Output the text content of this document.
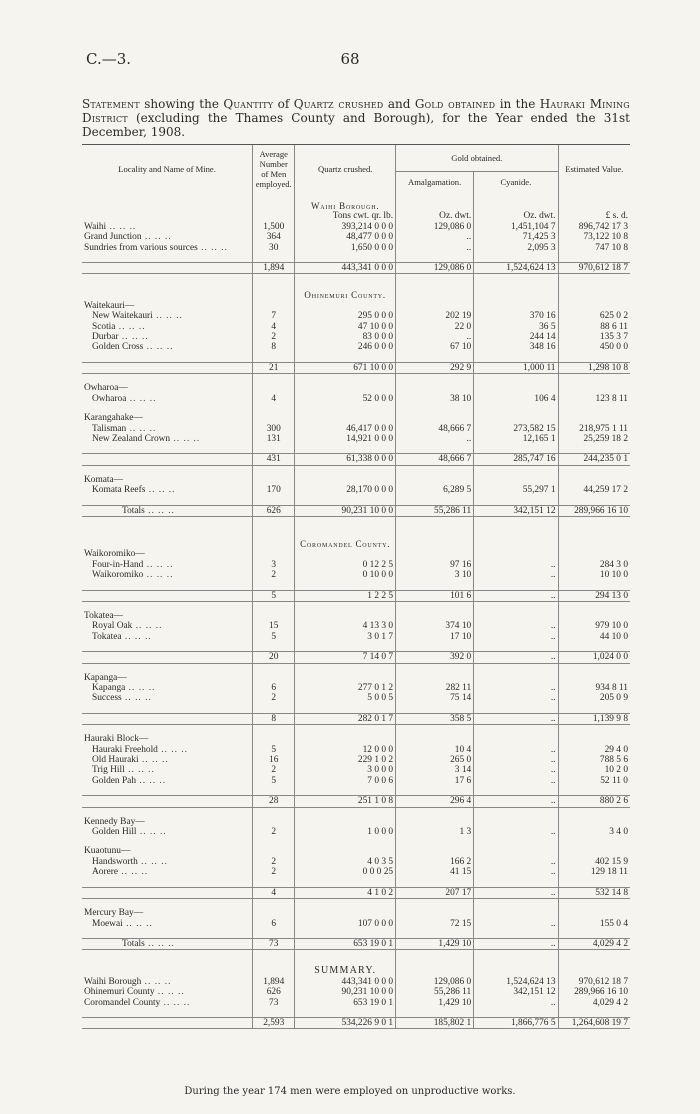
C.—3.	68
Statement showing the Quantity of Quartz crushed and Gold obtained in the Hauraki Mining District (excluding the Thames County and Borough), for the Year ended the 31st December, 1908.
Locality and Name of Mine.	Average Number of Men employed.	Quartz crushed.	Gold obtained.		Estimated Value.
			Amalgamation.	Cyanide.	

		Waihi Borough.			
		Tons cwt. qr. lb.	Oz. dwt.	Oz. dwt.	£ s. d.
Waihi ..	1,500	393,214 0 0 0	129,086 0	1,451,104 7	896,742 17 3
Grand Junction ..	364	48,477 0 0 0	..	71,425 3	73,122 10 8
Sundries from various sources ..	30	1,650 0 0 0	..	2,095 3	747 10 8

	1,894	443,341 0 0 0	129,086 0	1,524,624 13	970,612 18 7

		Ohinemuri County.			
Waitekauri—					
New Waitekauri ..	7	295 0 0 0	202 19	370 16	625 0 2
Scotia ..	4	47 10 0 0	22 0	36 5	88 6 11
Durbar ..	2	83 0 0 0	..	244 14	135 3 7
Golden Cross ..	8	246 0 0 0	67 10	348 16	450 0 0

	21	671 10 0 0	292 9	1,000 11	1,298 10 8

Owharoa—					
Owharoa ..	4	52 0 0 0	38 10	106 4	123 8 11

Karangahake—					
Talisman ..	300	46,417 0 0 0	48,666 7	273,582 15	218,975 1 11
New Zealand Crown ..	131	14,921 0 0 0	..	12,165 1	25,259 18 2

	431	61,338 0 0 0	48,666 7	285,747 16	244,235 0 1

Komata—					
Komata Reefs ..	170	28,170 0 0 0	6,289 5	55,297 1	44,259 17 2

Totals ..	626	90,231 10 0 0	55,286 11	342,151 12	289,966 16 10

		Coromandel County.			
Waikoromiko—					
Four-in-Hand ..	3	0 12 2 5	97 16	..	284 3 0
Waikoromiko ..	2	0 10 0 0	3 10	..	10 10 0

	5	1 2 2 5	101 6	..	294 13 0

Tokatea—					
Royal Oak ..	15	4 13 3 0	374 10	..	979 10 0
Tokatea ..	5	3 0 1 7	17 10	..	44 10 0

	20	7 14 0 7	392 0	..	1,024 0 0

Kapanga—					
Kapanga ..	6	277 0 1 2	282 11	..	934 8 11
Success ..	2	5 0 0 5	75 14	..	205 0 9

	8	282 0 1 7	358 5	..	1,139 9 8

Hauraki Block—					
Hauraki Freehold ..	5	12 0 0 0	10 4	..	29 4 0
Old Hauraki ..	16	229 1 0 2	265 0	..	788 5 6
Trig Hill ..	2	3 0 0 0	3 14	..	10 2 0
Golden Pah ..	5	7 0 0 6	17 6	..	52 11 0

	28	251 1 0 8	296 4	..	880 2 6

Kennedy Bay—					
Golden Hill ..	2	1 0 0 0	1 3	..	3 4 0

Kuaotunu—					
Handsworth ..	2	4 0 3 5	166 2	..	402 15 9
Aorere ..	2	0 0 0 25	41 15	..	129 18 11

	4	4 1 0 2	207 17	..	532 14 8

Mercury Bay—					
Moewai ..	6	107 0 0 0	72 15	..	155 0 4

Totals ..	73	653 19 0 1	1,429 10	..	4,029 4 2

		SUMMARY.			
Waihi Borough ..	1,894	443,341 0 0 0	129,086 0	1,524,624 13	970,612 18 7
Ohinemuri County ..	626	90,231 10 0 0	55,286 11	342,151 12	289,966 16 10
Coromandel County ..	73	653 19 0 1	1,429 10	..	4,029 4 2

	2,593	534,226 9 0 1	185,802 1	1,866,776 5	1,264,608 19 7
During the year 174 men were employed on unproductive works.
